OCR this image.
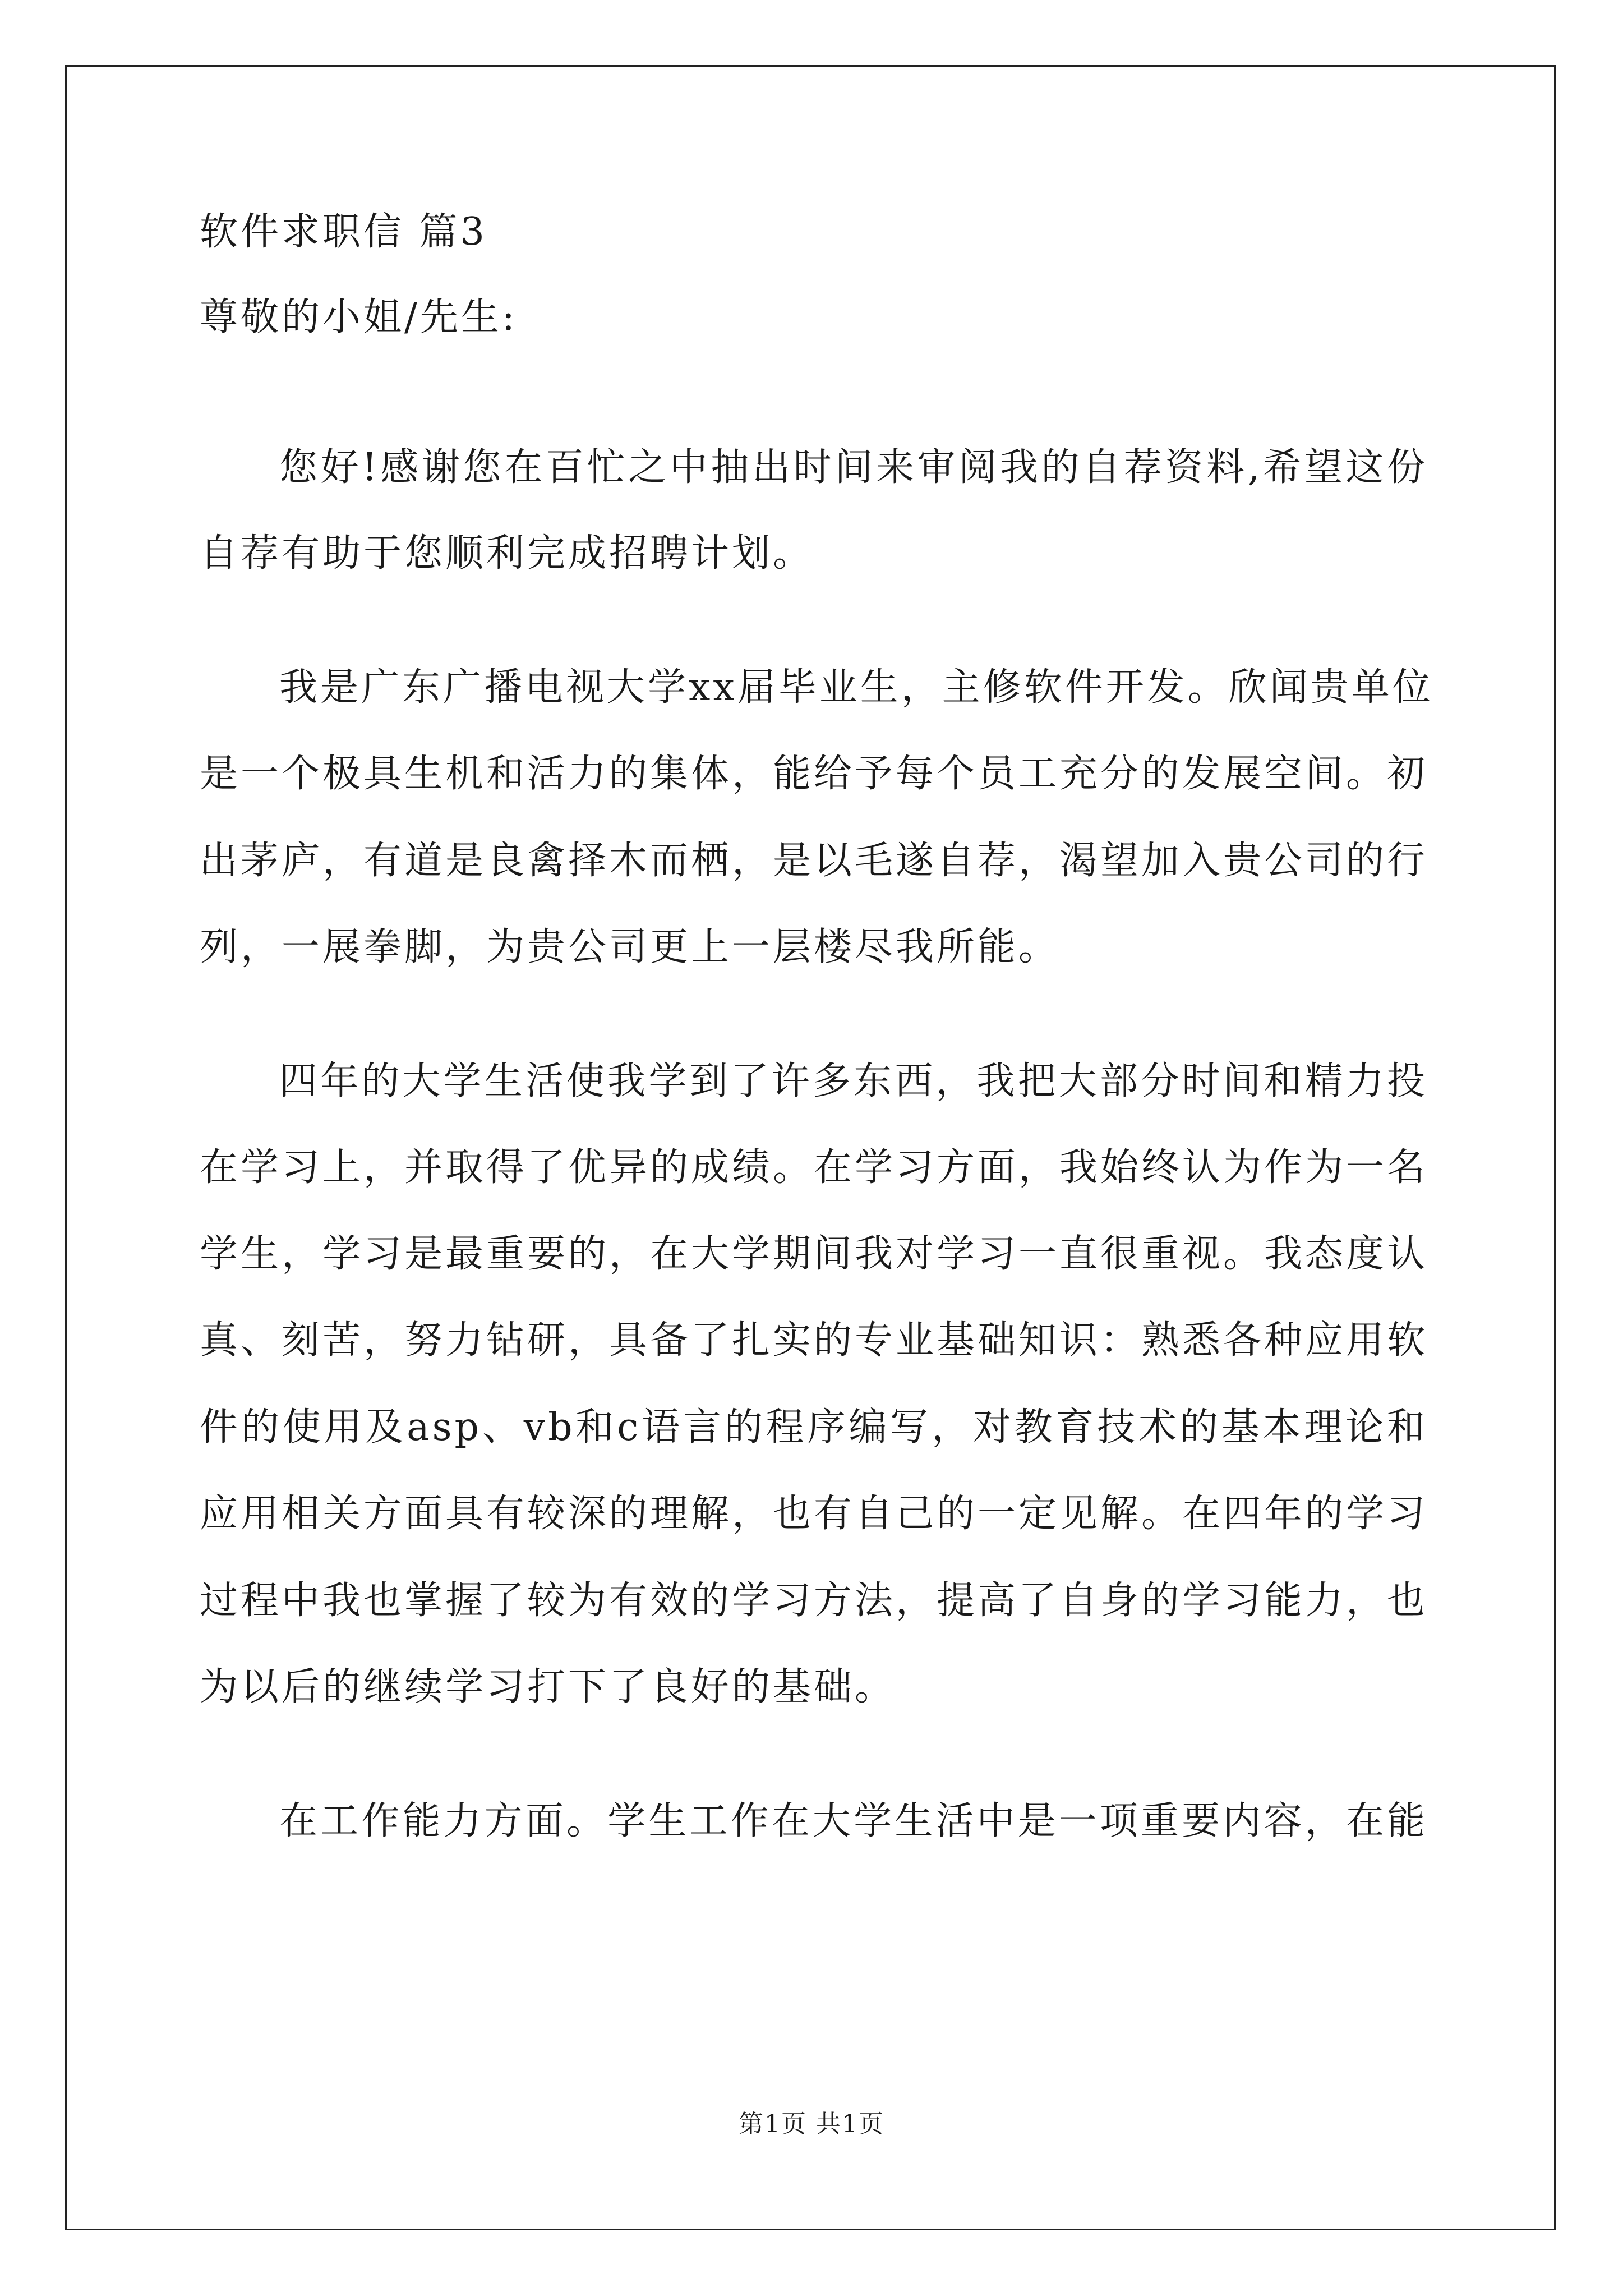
软件求职信 篇3
尊敬的小姐/先生:
您好!感谢您在百忙之中抽出时间来审阅我的自荐资料,希望这份
自荐有助于您顺利完成招聘计划。
我是广东广播电视大学xx届毕业生，主修软件开发。欣闻贵单位
是一个极具生机和活力的集体，能给予每个员工充分的发展空间。初
出茅庐，有道是良禽择木而栖，是以毛遂自荐，渴望加入贵公司的行
列，一展拳脚，为贵公司更上一层楼尽我所能。
四年的大学生活使我学到了许多东西，我把大部分时间和精力投
在学习上，并取得了优异的成绩。在学习方面，我始终认为作为一名
学生，学习是最重要的，在大学期间我对学习一直很重视。我态度认
真、刻苦，努力钻研，具备了扎实的专业基础知识：熟悉各种应用软
件的使用及asp、vb和c语言的程序编写，对教育技术的基本理论和
应用相关方面具有较深的理解，也有自己的一定见解。在四年的学习
过程中我也掌握了较为有效的学习方法，提高了自身的学习能力，也
为以后的继续学习打下了良好的基础。
在工作能力方面。学生工作在大学生活中是一项重要内容，在能
第1页 共1页
